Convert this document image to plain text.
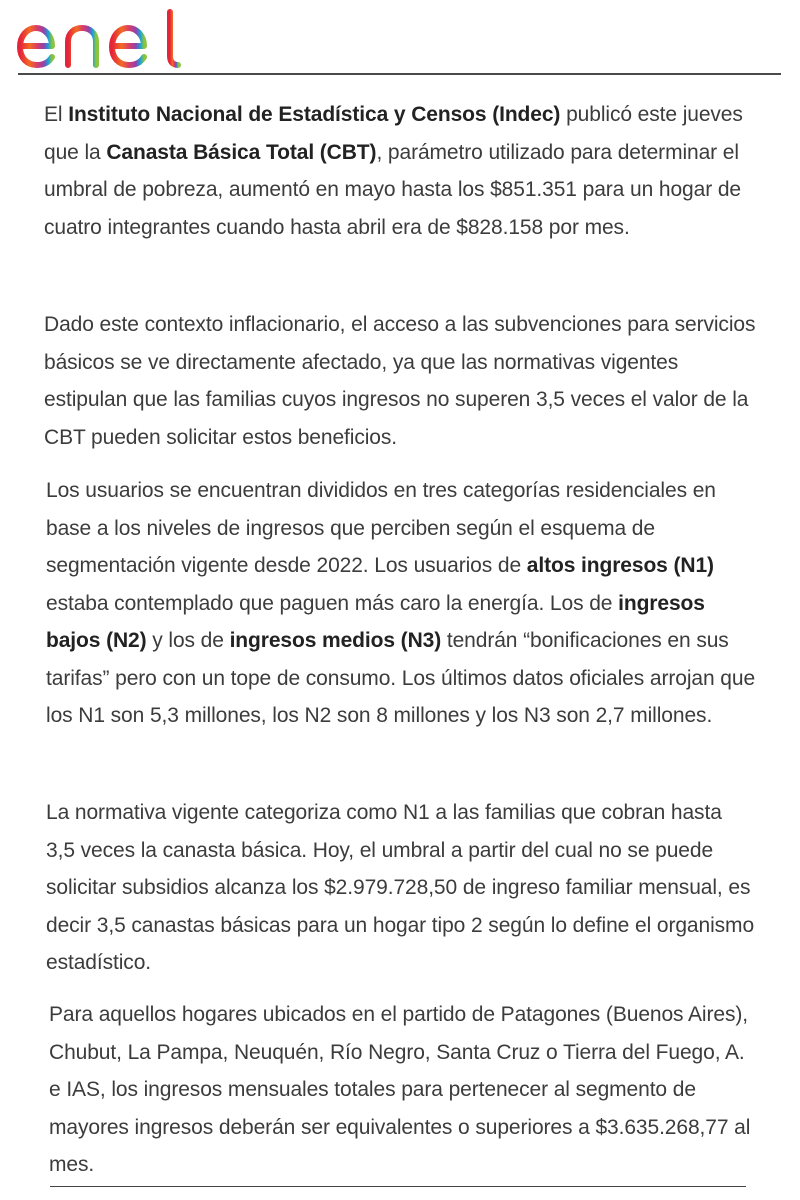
El Instituto Nacional de Estadística y Censos (Indec) publicó este jueves que la Canasta Básica Total (CBT), parámetro utilizado para determinar el umbral de pobreza, aumentó en mayo hasta los $851.351 para un hogar de cuatro integrantes cuando hasta abril era de $828.158 por mes.

Dado este contexto inflacionario, el acceso a las subvenciones para servicios básicos se ve directamente afectado, ya que las normativas vigentes estipulan que las familias cuyos ingresos no superen 3,5 veces el valor de la CBT pueden solicitar estos beneficios.

Los usuarios se encuentran divididos en tres categorías residenciales en base a los niveles de ingresos que perciben según el esquema de segmentación vigente desde 2022. Los usuarios de altos ingresos (N1) estaba contemplado que paguen más caro la energía. Los de ingresos bajos (N2) y los de ingresos medios (N3) tendrán “bonificaciones en sus tarifas” pero con un tope de consumo. Los últimos datos oficiales arrojan que los N1 son 5,3 millones, los N2 son 8 millones y los N3 son 2,7 millones.

La normativa vigente categoriza como N1 a las familias que cobran hasta 3,5 veces la canasta básica. Hoy, el umbral a partir del cual no se puede solicitar subsidios alcanza los $2.979.728,50 de ingreso familiar mensual, es decir 3,5 canastas básicas para un hogar tipo 2 según lo define el organismo estadístico.

Para aquellos hogares ubicados en el partido de Patagones (Buenos Aires), Chubut, La Pampa, Neuquén, Río Negro, Santa Cruz o Tierra del Fuego, A. e IAS, los ingresos mensuales totales para pertenecer al segmento de mayores ingresos deberán ser equivalentes o superiores a $3.635.268,77 al mes.
